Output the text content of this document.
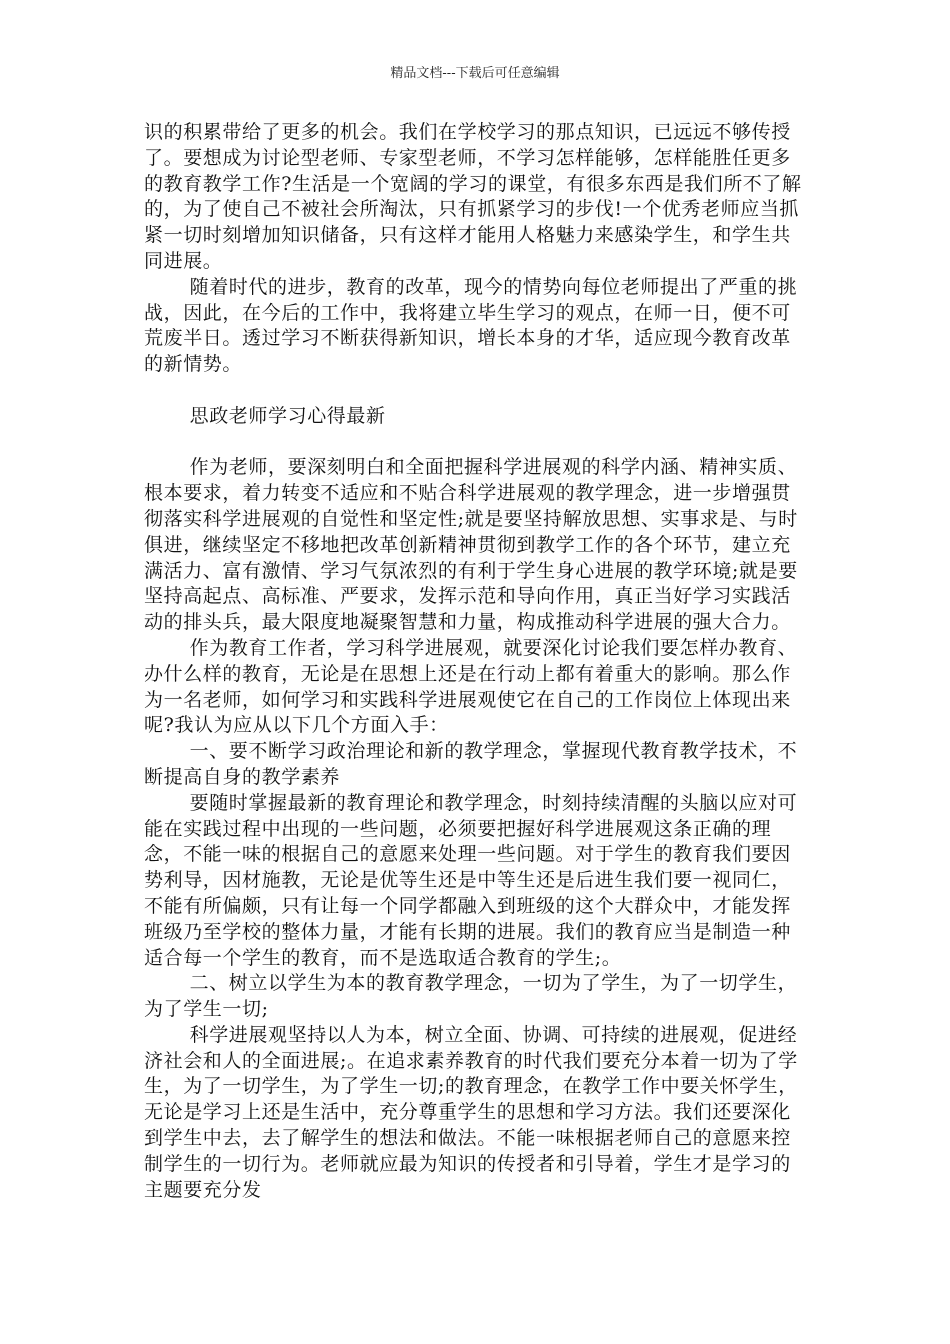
精品文档---下载后可任意编辑

识的积累带给了更多的机会。我们在学校学习的那点知识，已远远不够传授了。要想成为讨论型老师、专家型老师，不学习怎样能够，怎样能胜任更多的教育教学工作?生活是一个宽阔的学习的课堂，有很多东西是我们所不了解的，为了使自己不被社会所淘汰，只有抓紧学习的步伐!一个优秀老师应当抓紧一切时刻增加知识储备，只有这样才能用人格魅力来感染学生，和学生共同进展。

随着时代的进步，教育的改革，现今的情势向每位老师提出了严重的挑战，因此，在今后的工作中，我将建立毕生学习的观点，在师一日，便不可荒废半日。透过学习不断获得新知识，增长本身的才华，适应现今教育改革的新情势。

思政老师学习心得最新

作为老师，要深刻明白和全面把握科学进展观的科学内涵、精神实质、根本要求，着力转变不适应和不贴合科学进展观的教学理念，进一步增强贯彻落实科学进展观的自觉性和坚定性;就是要坚持解放思想、实事求是、与时俱进，继续坚定不移地把改革创新精神贯彻到教学工作的各个环节，建立充满活力、富有激情、学习气氛浓烈的有利于学生身心进展的教学环境;就是要坚持高起点、高标准、严要求，发挥示范和导向作用，真正当好学习实践活动的排头兵，最大限度地凝聚智慧和力量，构成推动科学进展的强大合力。

作为教育工作者，学习科学进展观，就要深化讨论我们要怎样办教育、办什么样的教育，无论是在思想上还是在行动上都有着重大的影响。那么作为一名老师，如何学习和实践科学进展观使它在自己的工作岗位上体现出来呢?我认为应从以下几个方面入手：

一、要不断学习政治理论和新的教学理念，掌握现代教育教学技术，不断提高自身的教学素养

要随时掌握最新的教育理论和教学理念，时刻持续清醒的头脑以应对可能在实践过程中出现的一些问题，必须要把握好科学进展观这条正确的理念，不能一味的根据自己的意愿来处理一些问题。对于学生的教育我们要因势利导，因材施教，无论是优等生还是中等生还是后进生我们要一视同仁，不能有所偏颇，只有让每一个同学都融入到班级的这个大群众中，才能发挥班级乃至学校的整体力量，才能有长期的进展。我们的教育应当是制造一种适合每一个学生的教育，而不是选取适合教育的学生;。

二、树立以学生为本的教育教学理念，一切为了学生，为了一切学生，为了学生一切;

科学进展观坚持以人为本，树立全面、协调、可持续的进展观，促进经济社会和人的全面进展;。在追求素养教育的时代我们要充分本着一切为了学生，为了一切学生，为了学生一切;的教育理念，在教学工作中要关怀学生，无论是学习上还是生活中，充分尊重学生的思想和学习方法。我们还要深化到学生中去，去了解学生的想法和做法。不能一味根据老师自己的意愿来控制学生的一切行为。老师就应最为知识的传授者和引导着，学生才是学习的主题要充分发
